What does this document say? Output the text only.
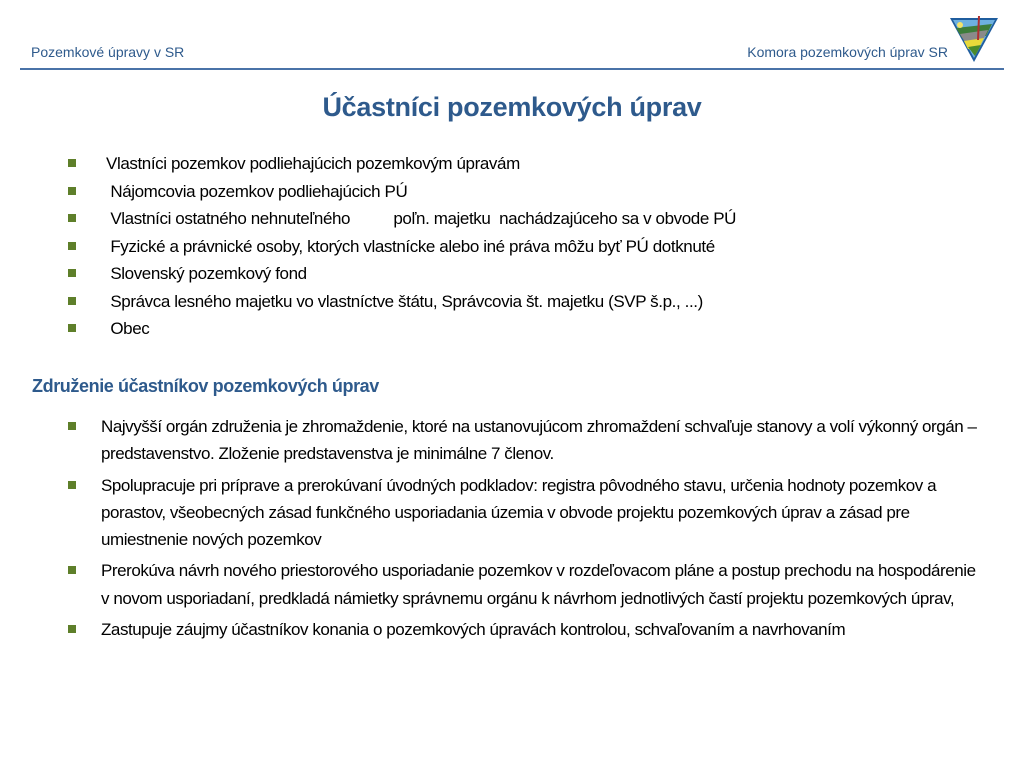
Pozemkové úpravy v SR	Komora pozemkových úprav SR
Účastníci pozemkových úprav
Vlastníci pozemkov podliehajúcich pozemkovým úpravám
Nájomcovia pozemkov podliehajúcich PÚ
Vlastníci ostatného nehnuteľného          poľn. majetku  nachádzajúceho sa v obvode PÚ
Fyzické a právnické osoby, ktorých vlastnícke alebo iné práva môžu byť PÚ dotknuté
Slovenský pozemkový fond
Správca lesného majetku vo vlastníctve štátu, Správcovia št. majetku (SVP š.p., ...)
Obec
Združenie účastníkov pozemkových úprav
Najvyšší orgán združenia je zhromaždenie, ktoré na ustanovujúcom zhromaždení schvaľuje stanovy a volí výkonný orgán – predstavenstvo. Zloženie predstavenstva je minimálne 7 členov.
Spolupracuje pri príprave a prerokúvaní úvodných podkladov: registra pôvodného stavu, určenia hodnoty pozemkov a porastov, všeobecných zásad funkčného usporiadania územia v obvode projektu pozemkových úprav a zásad pre umiestnenie nových pozemkov
Prerokúva návrh nového priestorového usporiadanie pozemkov v rozdeľovacom pláne a postup prechodu na hospodárenie v novom usporiadaní, predkladá námietky správnemu orgánu k návrhom jednotlivých častí projektu pozemkových úprav,
Zastupuje záujmy účastníkov konania o pozemkových úpravách kontrolou, schvaľovaním a navrhovaním
